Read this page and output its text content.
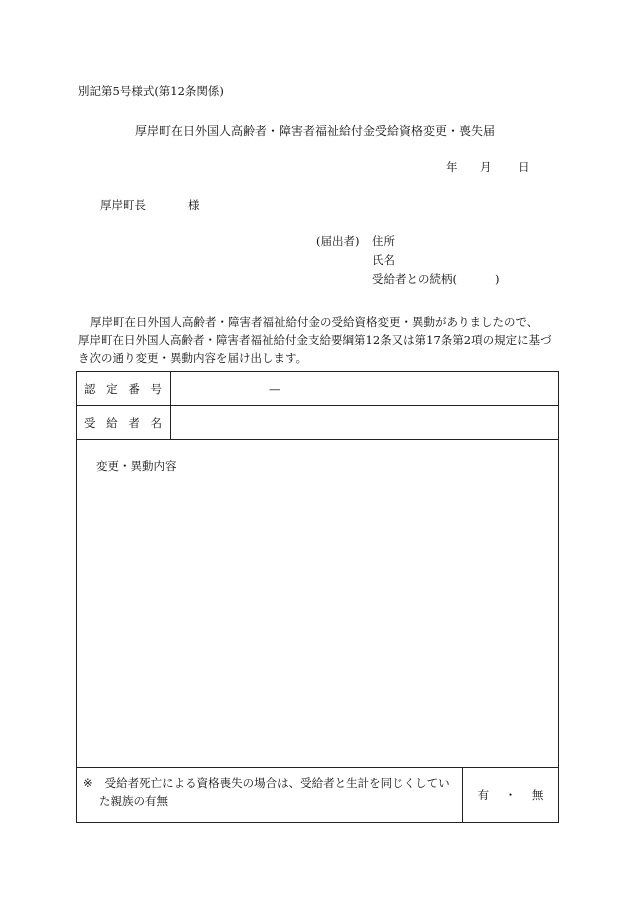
別記第5号様式(第12条関係)
厚岸町在日外国人高齢者・障害者福祉給付金受給資格変更・喪失届
年	月	日
厚岸町長	様
(届出者) 住所
氏名
受給者との続柄(	)

厚岸町在日外国人高齢者・障害者福祉給付金の受給資格変更・異動がありましたので、

厚岸町在日外国人高齢者・障害者福祉給付金支給要綱第12条又は第17条第2項の規定に基づ

き次の通り変更・異動内容を届け出します。

認 定 番 号	—	

受 給 者 名		

変更・異動内容		

※ 受給者死亡による資格喪失の場合は、受給者と生計を同じくしてい
た親族の有無		有 ・ 無
